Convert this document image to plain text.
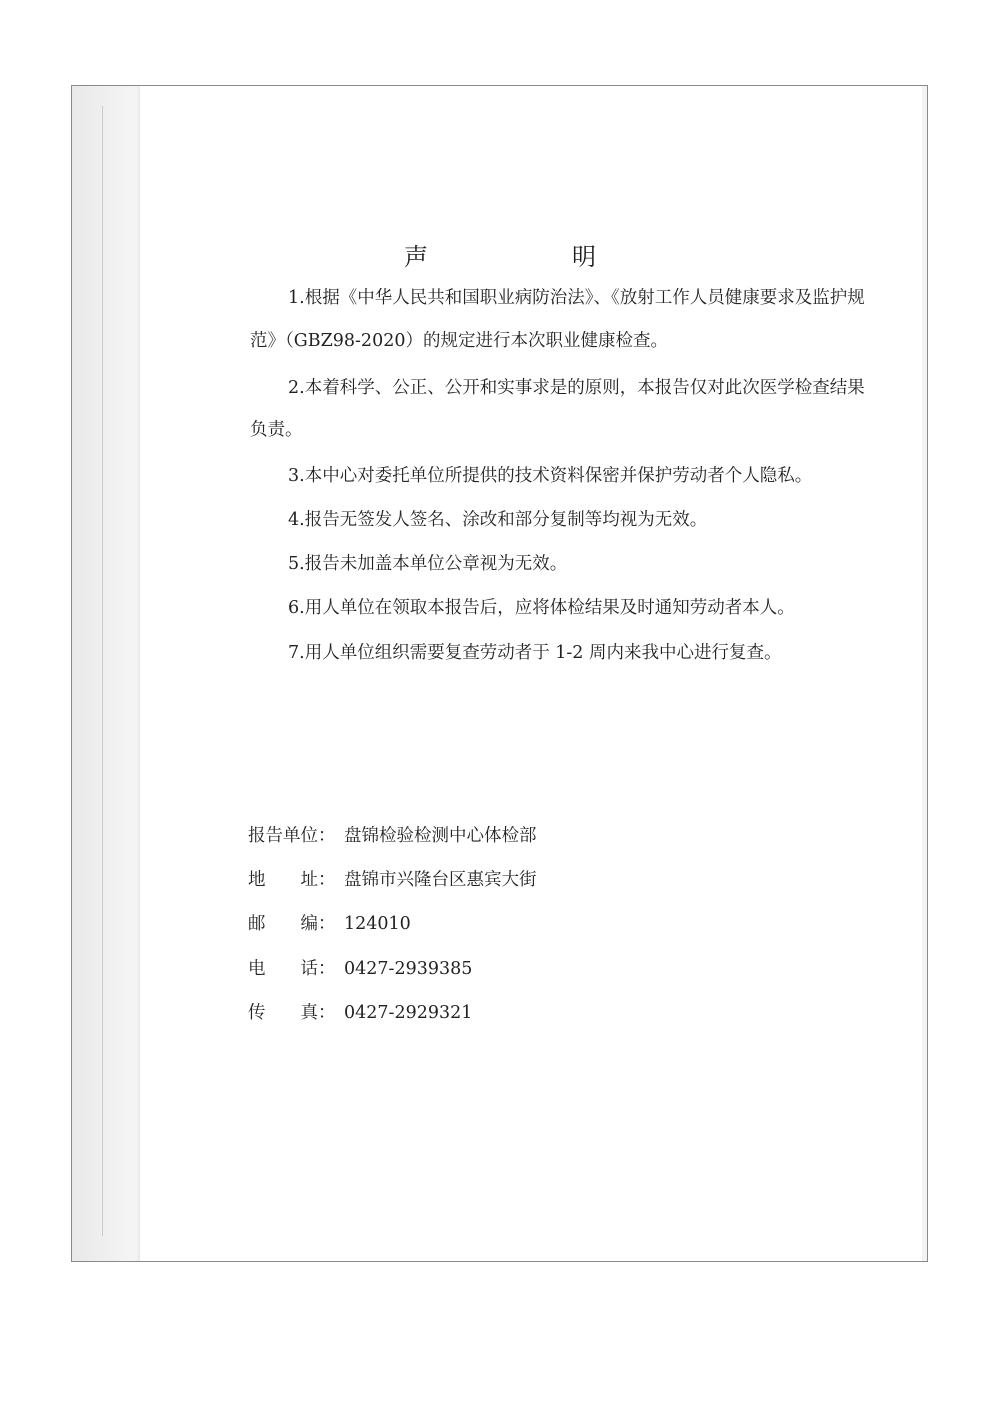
声　明
1.根据《中华人民共和国职业病防治法》、《放射工作人员健康要求及监护规
范》（GBZ98-2020）的规定进行本次职业健康检查。
2.本着科学、公正、公开和实事求是的原则，本报告仅对此次医学检查结果
负责。
3.本中心对委托单位所提供的技术资料保密并保护劳动者个人隐私。
4.报告无签发人签名、涂改和部分复制等均视为无效。
5.报告未加盖本单位公章视为无效。
6.用人单位在领取本报告后，应将体检结果及时通知劳动者本人。
7.用人单位组织需要复查劳动者于 1-2 周内来我中心进行复查。
报告单位： 盘锦检验检测中心体检部
地　　址： 盘锦市兴隆台区惠宾大街
邮　　编： 124010
电　　话： 0427-2939385
传　　真： 0427-2929321
